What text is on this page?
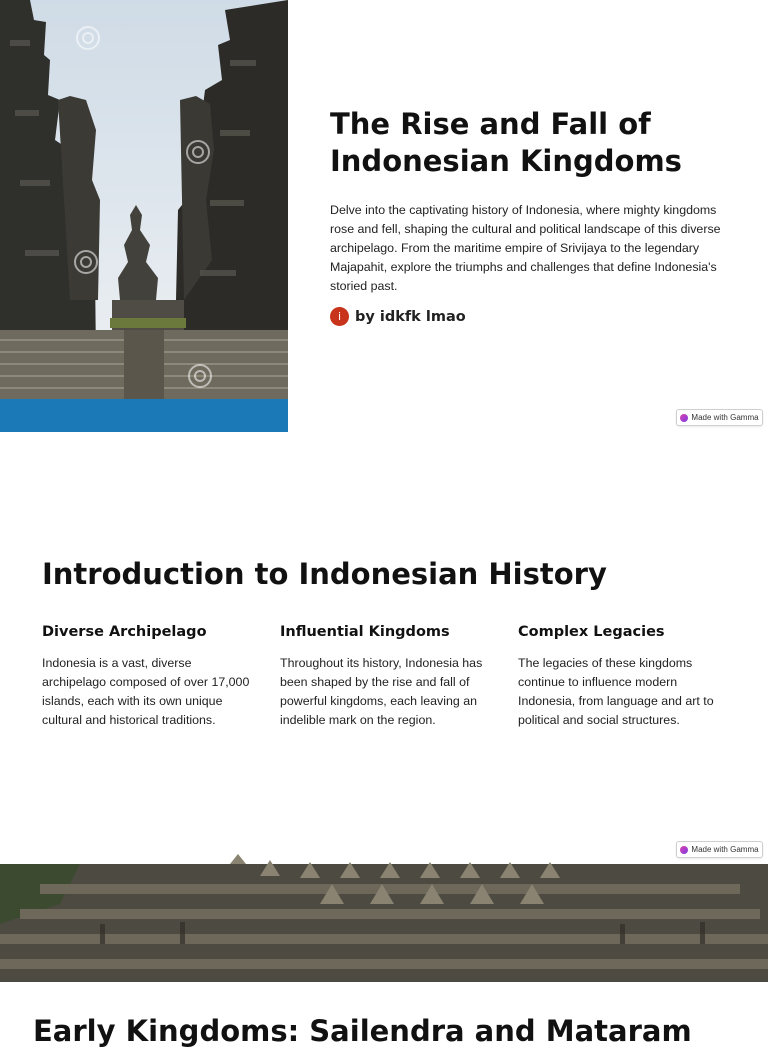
The Rise and Fall of Indonesian Kingdoms

Delve into the captivating history of Indonesia, where mighty kingdoms rose and fell, shaping the cultural and political landscape of this diverse archipelago. From the maritime empire of Srivijaya to the legendary Majapahit, explore the triumphs and challenges that define Indonesia's storied past.

i by idkfk lmao
Made with Gamma
Introduction to Indonesian History
Diverse Archipelago

Indonesia is a vast, diverse archipelago composed of over 17,000 islands, each with its own unique cultural and historical traditions.

Influential Kingdoms

Throughout its history, Indonesia has been shaped by the rise and fall of powerful kingdoms, each leaving an indelible mark on the region.

Complex Legacies

The legacies of these kingdoms continue to influence modern Indonesia, from language and art to political and social structures.

Made with Gamma
Early Kingdoms: Sailendra and Mataram
